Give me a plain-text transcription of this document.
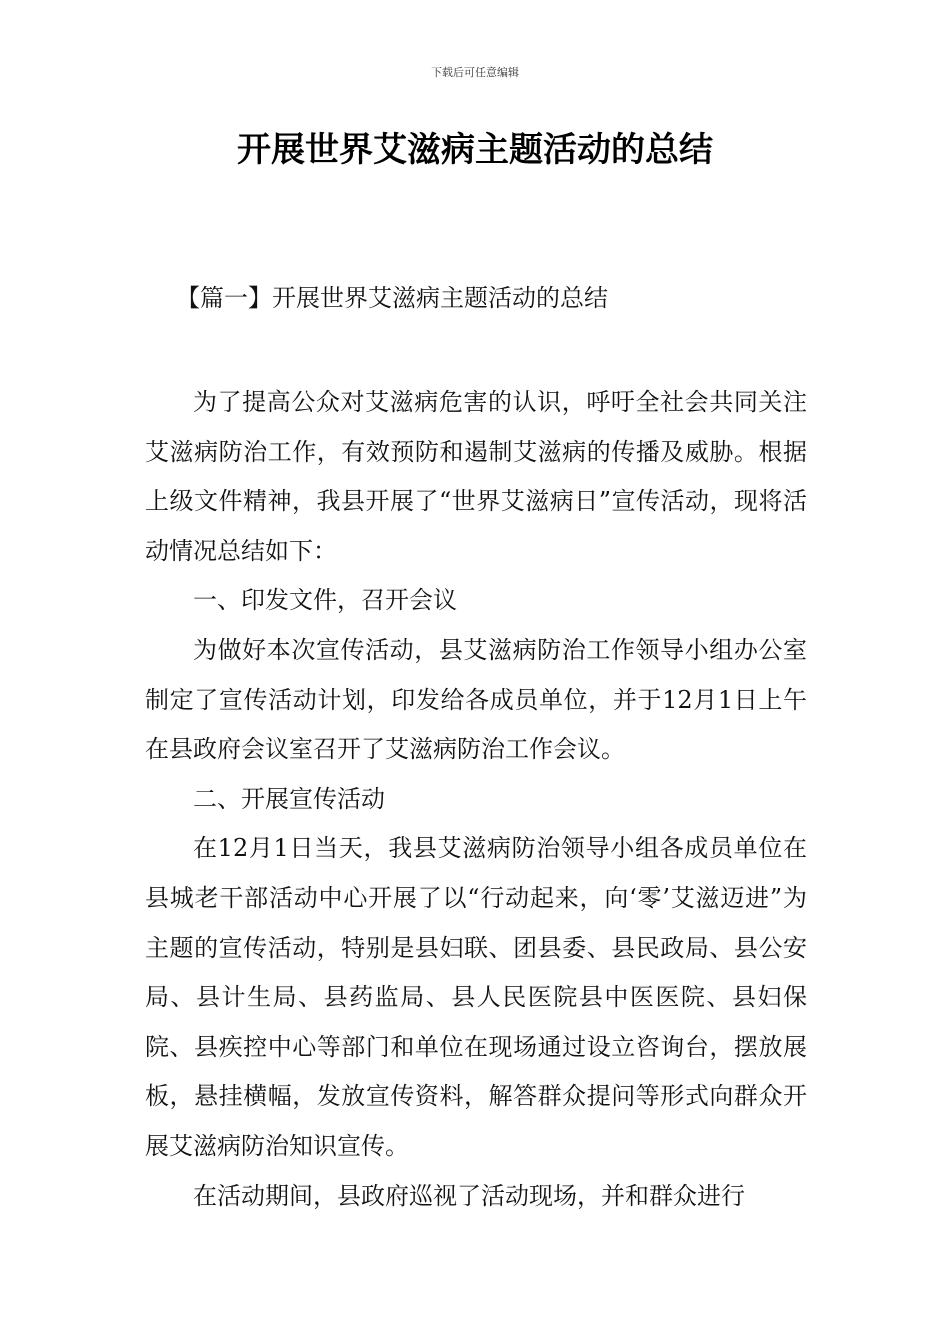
下载后可任意编辑
开展世界艾滋病主题活动的总结
【篇一】开展世界艾滋病主题活动的总结

为了提高公众对艾滋病危害的认识，呼吁全社会共同关注艾滋病防治工作，有效预防和遏制艾滋病的传播及威胁。根据上级文件精神，我县开展了“世界艾滋病日”宣传活动，现将活动情况总结如下：

一、印发文件，召开会议

为做好本次宣传活动，县艾滋病防治工作领导小组办公室制定了宣传活动计划，印发给各成员单位，并于12月1日上午在县政府会议室召开了艾滋病防治工作会议。

二、开展宣传活动

在12月1日当天，我县艾滋病防治领导小组各成员单位在县城老干部活动中心开展了以“行动起来，向‘零’艾滋迈进”为主题的宣传活动，特别是县妇联、团县委、县民政局、县公安局、县计生局、县药监局、县人民医院县中医医院、县妇保院、县疾控中心等部门和单位在现场通过设立咨询台，摆放展板，悬挂横幅，发放宣传资料，解答群众提问等形式向群众开展艾滋病防治知识宣传。

在活动期间，县政府巡视了活动现场，并和群众进行
